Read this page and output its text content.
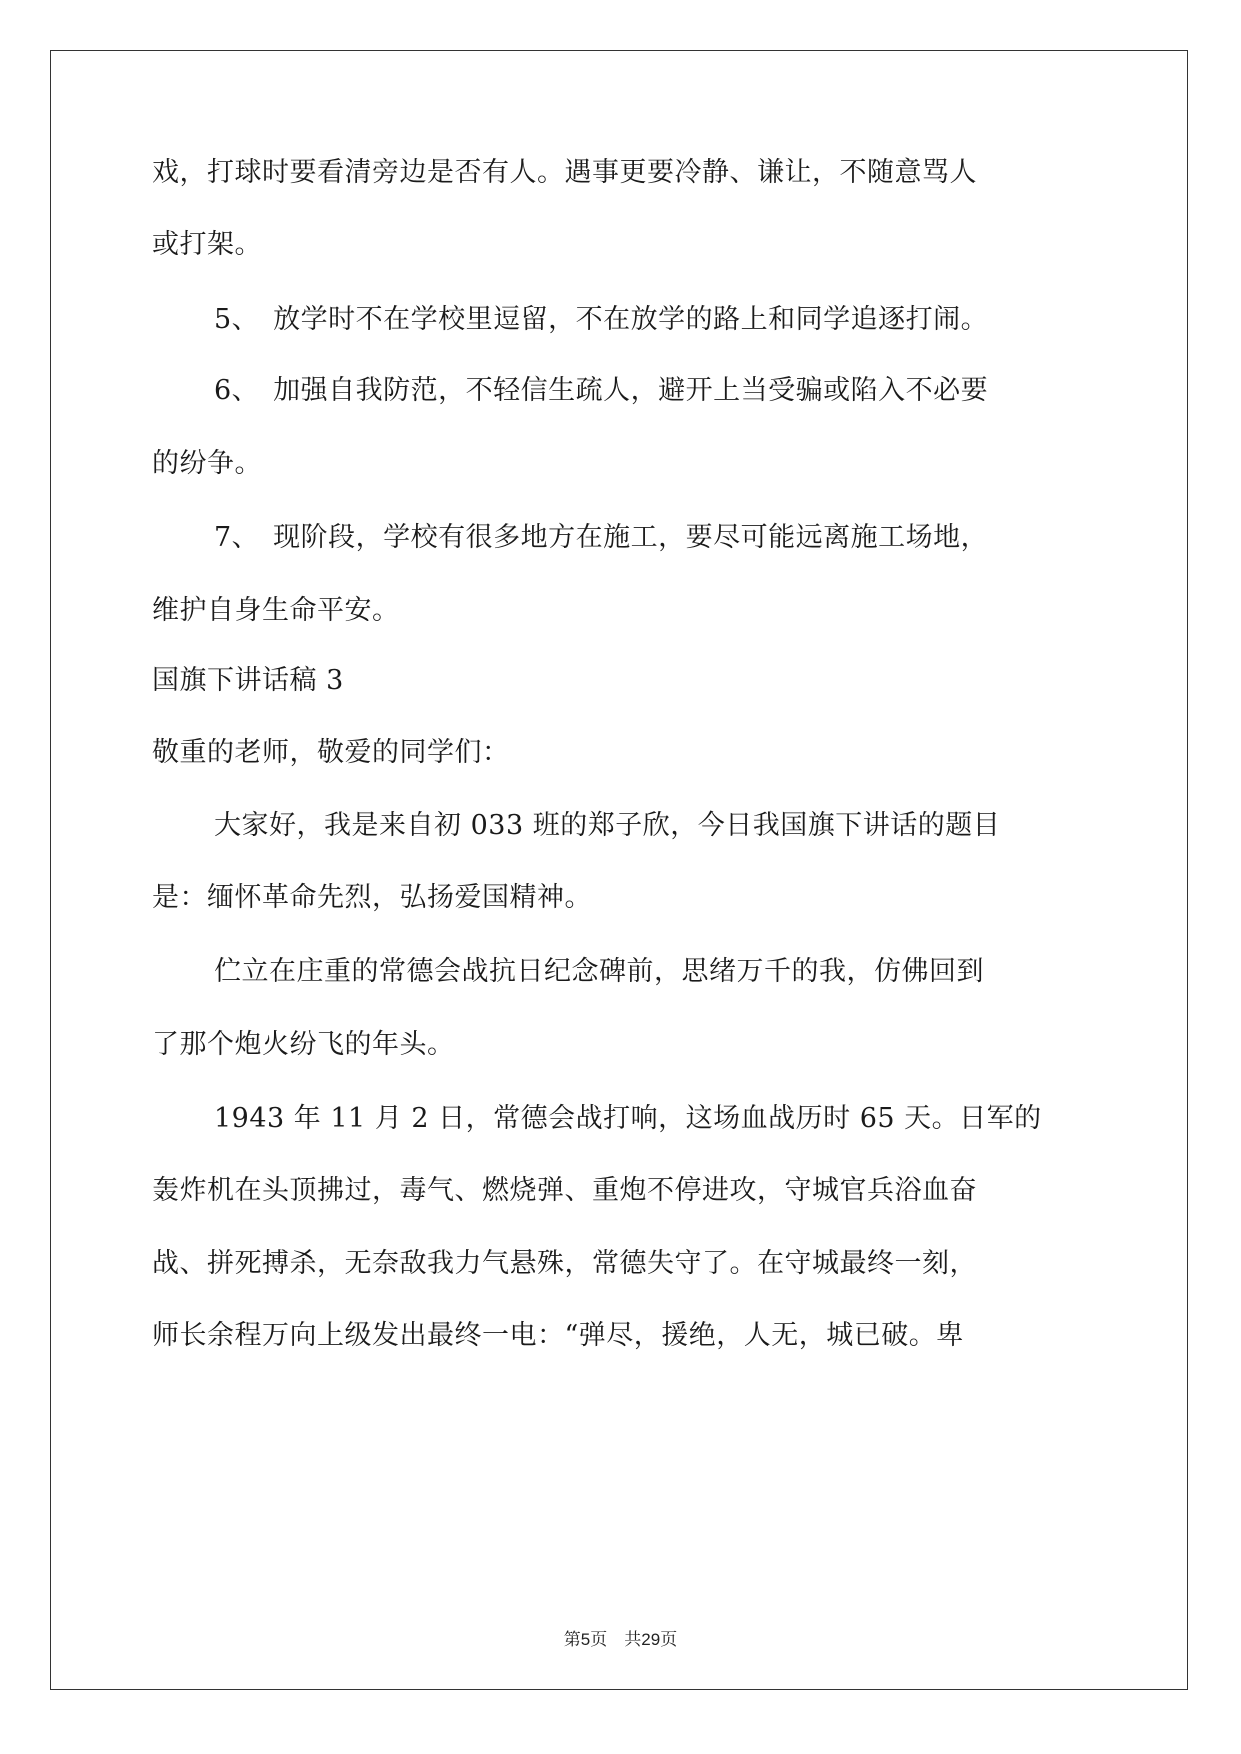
戏，打球时要看清旁边是否有人。遇事更要冷静、谦让，不随意骂人
或打架。
5、　放学时不在学校里逗留，不在放学的路上和同学追逐打闹。
6、　加强自我防范，不轻信生疏人，避开上当受骗或陷入不必要
的纷争。
7、　现阶段，学校有很多地方在施工，要尽可能远离施工场地，
维护自身生命平安。
国旗下讲话稿 3
敬重的老师，敬爱的同学们：
大家好，我是来自初 033 班的郑子欣，今日我国旗下讲话的题目
是：缅怀革命先烈，弘扬爱国精神。
伫立在庄重的常德会战抗日纪念碑前，思绪万千的我，仿佛回到
了那个炮火纷飞的年头。
1943 年 11 月 2 日，常德会战打响，这场血战历时 65 天。日军的
轰炸机在头顶拂过，毒气、燃烧弹、重炮不停进攻，守城官兵浴血奋
战、拼死搏杀，无奈敌我力气悬殊，常德失守了。在守城最终一刻，
师长余程万向上级发出最终一电：“弹尽，援绝，人无，城已破。卑
第5页　共29页
